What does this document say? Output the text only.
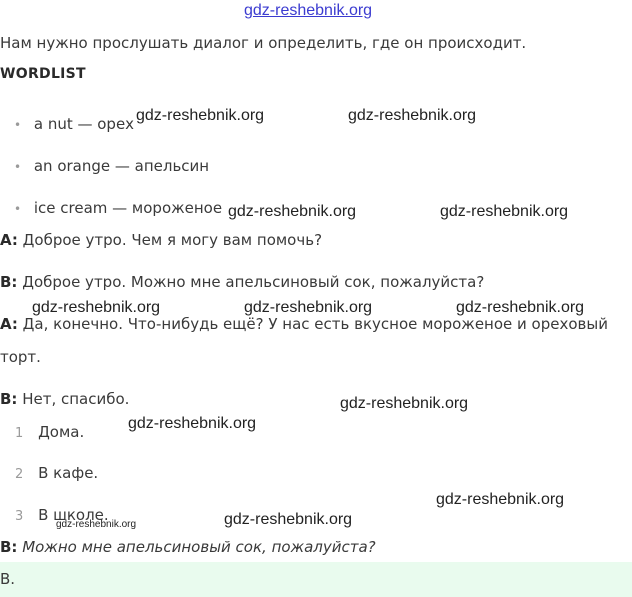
gdz-reshebnik.org
Нам нужно прослушать диалог и определить, где он происходит.
WORDLIST
• a nut — орех
• an orange — апельсин
• ice cream — мороженое
A: Доброе утро. Чем я могу вам помочь?
B: Доброе утро. Можно мне апельсиновый сок, пожалуйста?
A: Да, конечно. Что-нибудь ещё? У нас есть вкусное мороженое и ореховый
торт.
B: Нет, спасибо.
1 Дома.
2 В кафе.
3 В школе.
B: Можно мне апельсиновый сок, пожалуйста?
B.
gdz-reshebnik.org	gdz-reshebnik.org
gdz-reshebnik.org	gdz-reshebnik.org
gdz-reshebnik.org	gdz-reshebnik.org	gdz-reshebnik.org
gdz-reshebnik.org
gdz-reshebnik.org
gdz-reshebnik.org
gdz-reshebnik.org
gdz-reshebnik.org
